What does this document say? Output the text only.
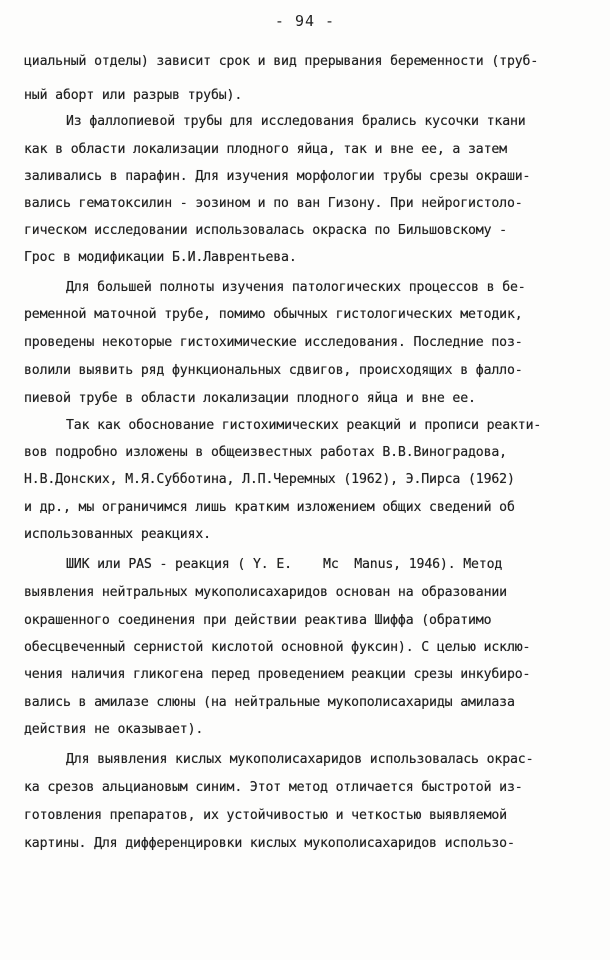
- 94 -
циальный отделы) зависит срок и вид прерывания беременности (труб-
ный аборт или разрыв трубы).
Из фаллопиевой трубы для исследования брались кусочки ткани
как в области локализации плодного яйца, так и вне ее, а затем
заливались в парафин. Для изучения морфологии трубы срезы окраши-
вались гематоксилин - эозином и по ван Гизону. При нейрогистоло-
гическом исследовании использовалась окраска по Бильшовскому -
Грос в модификации Б.И.Лаврентьева.
Для большей полноты изучения патологических процессов в бе-
ременной маточной трубе, помимо обычных гистологических методик,
проведены некоторые гистохимические исследования. Последние поз-
волили выявить ряд функциональных сдвигов, происходящих в фалло-
пиевой трубе в области локализации плодного яйца и вне ее.
Так как обоснование гистохимических реакций и прописи реакти-
вов подробно изложены в общеизвестных работах В.В.Виноградова,
Н.В.Донских, М.Я.Субботина, Л.П.Черемных (1962), Э.Пирса (1962)
и др., мы ограничимся лишь кратким изложением общих сведений об
использованных реакциях.
ШИК или PAS - реакция ( Y. E.    Mc  Manus, 1946). Метод
выявления нейтральных мукополисахаридов основан на образовании
окрашенного соединения при действии реактива Шиффа (обратимо
обесцвеченный сернистой кислотой основной фуксин). С целью исклю-
чения наличия гликогена перед проведением реакции срезы инкубиро-
вались в амилазе слюны (на нейтральные мукополисахариды амилаза
действия не оказывает).
Для выявления кислых мукополисахаридов использовалась окрас-
ка срезов альциановым синим. Этот метод отличается быстротой из-
готовления препаратов, их устойчивостью и четкостью выявляемой
картины. Для дифференцировки кислых мукополисахаридов использо-
